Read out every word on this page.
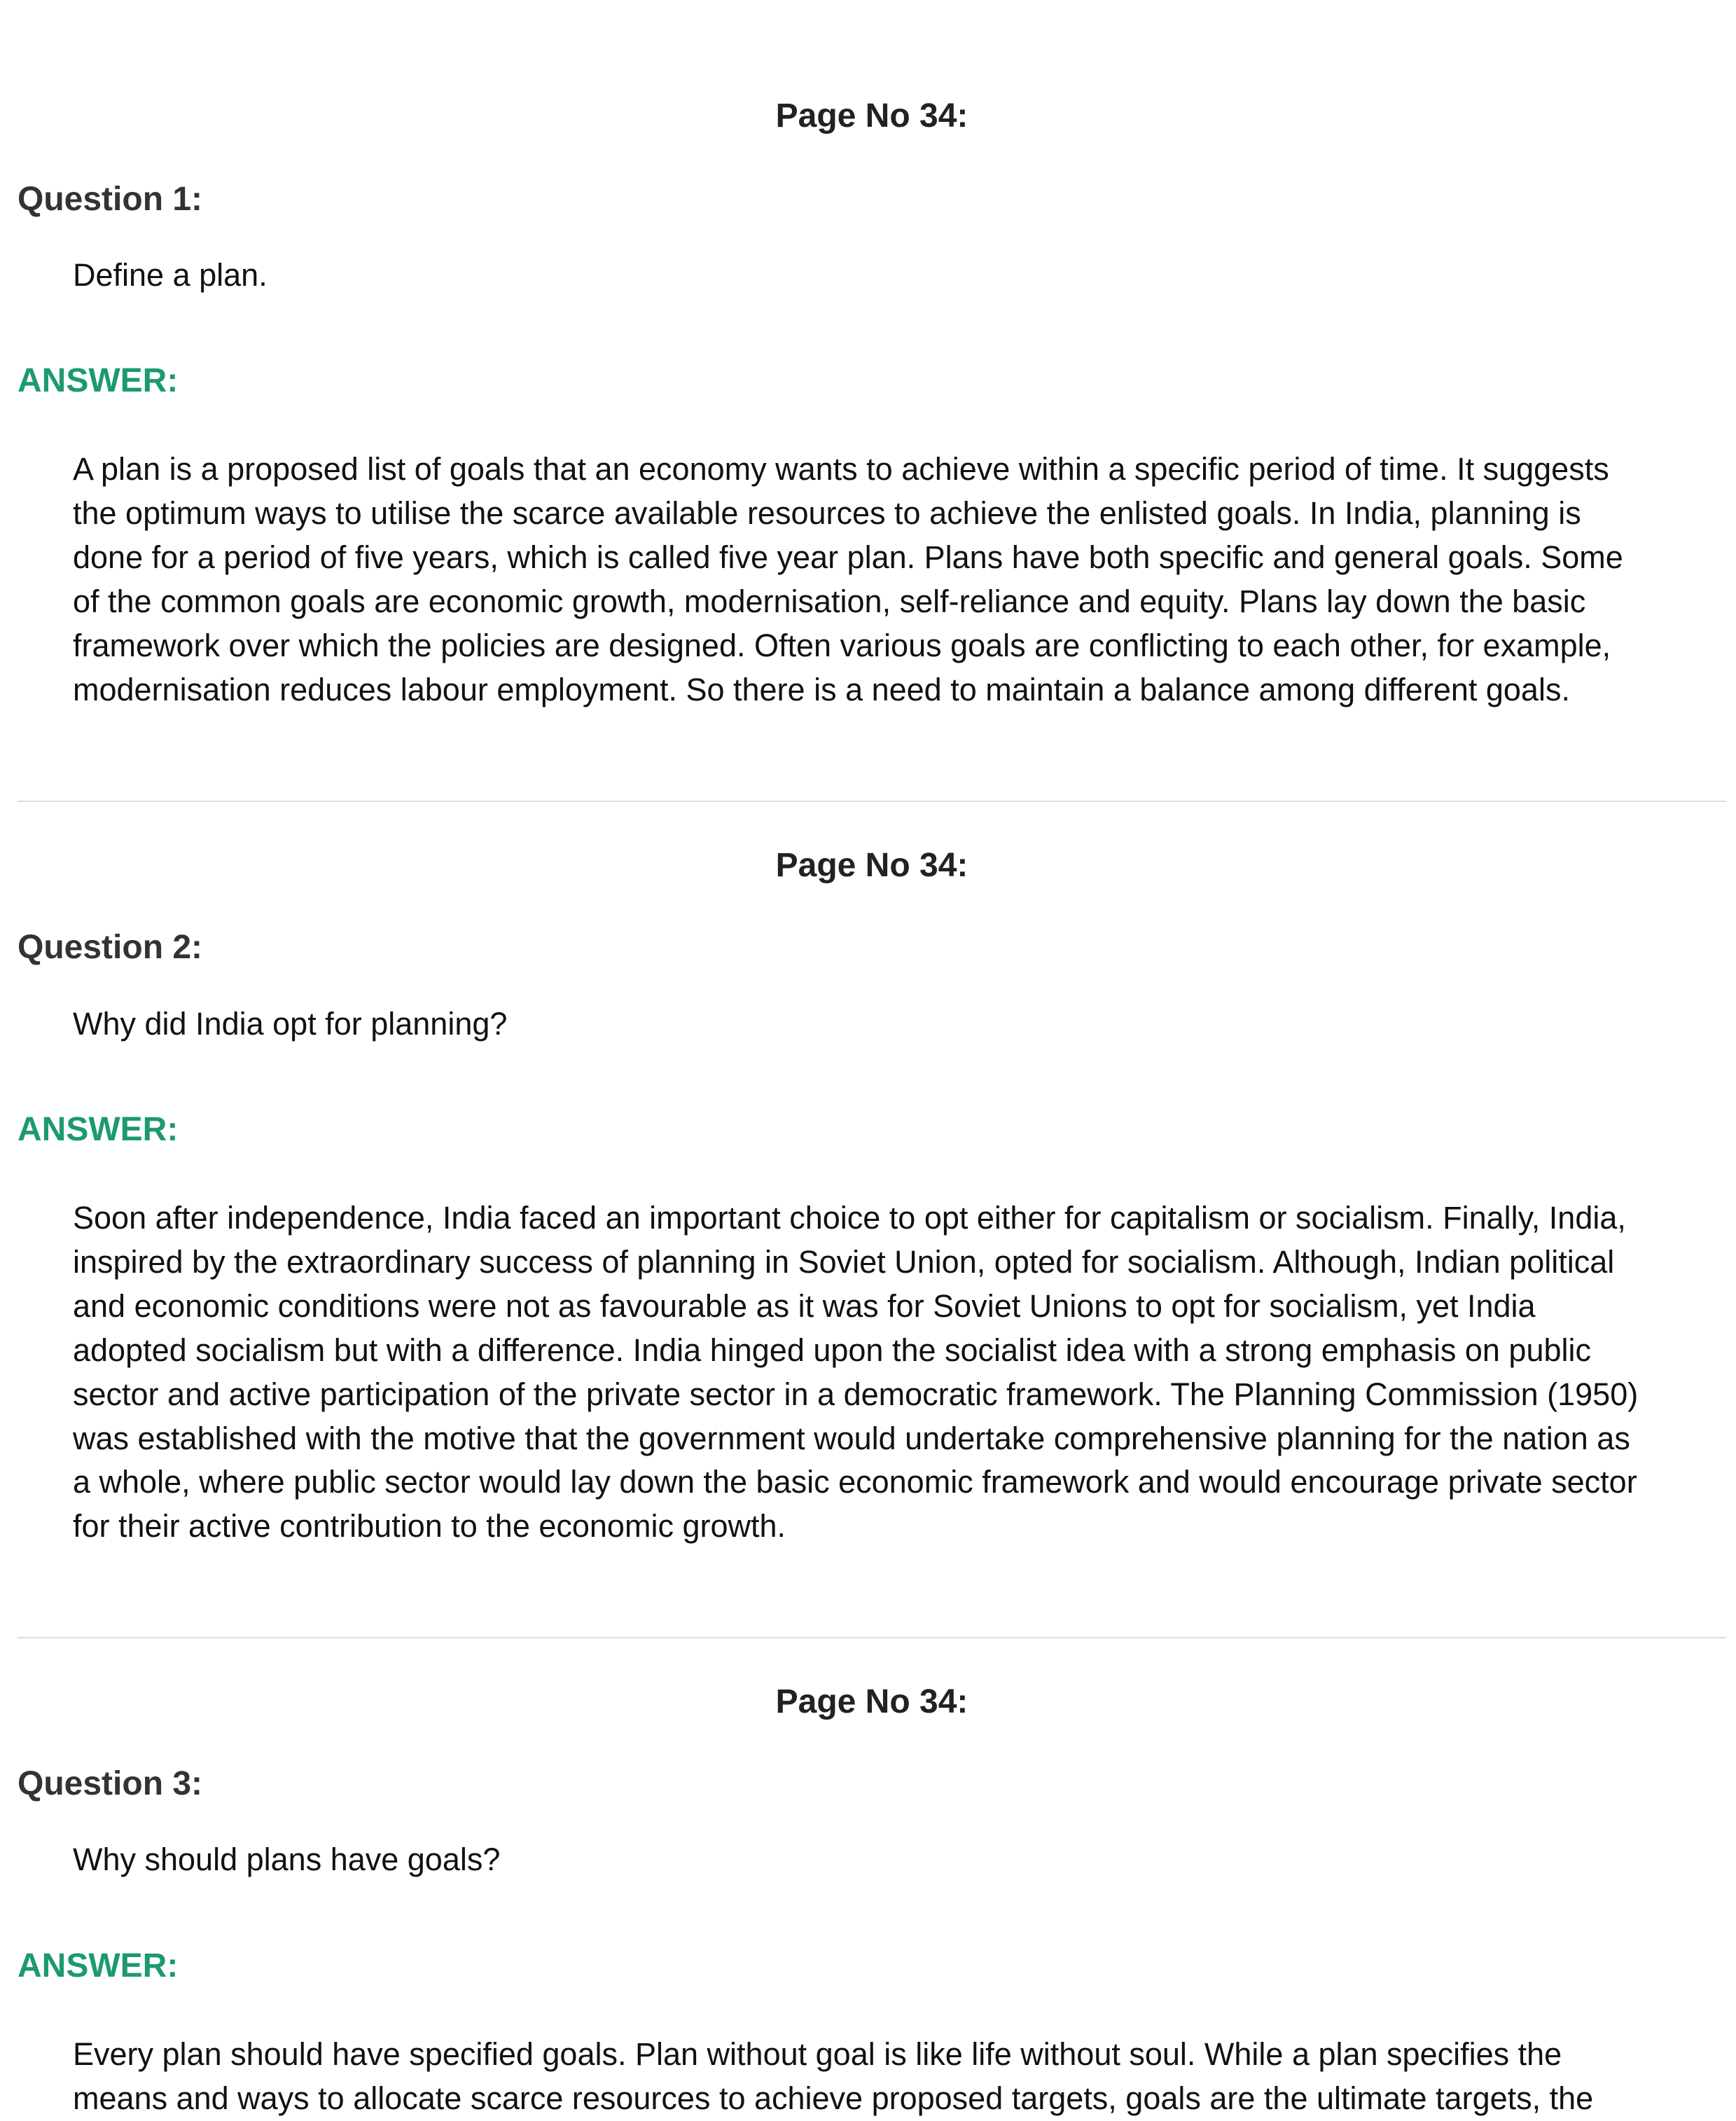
Page No 34:
Question 1:
Define a plan.
ANSWER:
A plan is a proposed list of goals that an economy wants to achieve within a specific period of time. It suggests
the optimum ways to utilise the scarce available resources to achieve the enlisted goals. In India, planning is
done for a period of five years, which is called five year plan. Plans have both specific and general goals. Some
of the common goals are economic growth, modernisation, self-reliance and equity. Plans lay down the basic
framework over which the policies are designed. Often various goals are conflicting to each other, for example,
modernisation reduces labour employment. So there is a need to maintain a balance among different goals.
Page No 34:
Question 2:
Why did India opt for planning?
ANSWER:
Soon after independence, India faced an important choice to opt either for capitalism or socialism. Finally, India,
inspired by the extraordinary success of planning in Soviet Union, opted for socialism. Although, Indian political
and economic conditions were not as favourable as it was for Soviet Unions to opt for socialism, yet India
adopted socialism but with a difference. India hinged upon the socialist idea with a strong emphasis on public
sector and active participation of the private sector in a democratic framework. The Planning Commission (1950)
was established with the motive that the government would undertake comprehensive planning for the nation as
a whole, where public sector would lay down the basic economic framework and would encourage private sector
for their active contribution to the economic growth.
Page No 34:
Question 3:
Why should plans have goals?
ANSWER:
Every plan should have specified goals. Plan without goal is like life without soul. While a plan specifies the
means and ways to allocate scarce resources to achieve proposed targets, goals are the ultimate targets, the
